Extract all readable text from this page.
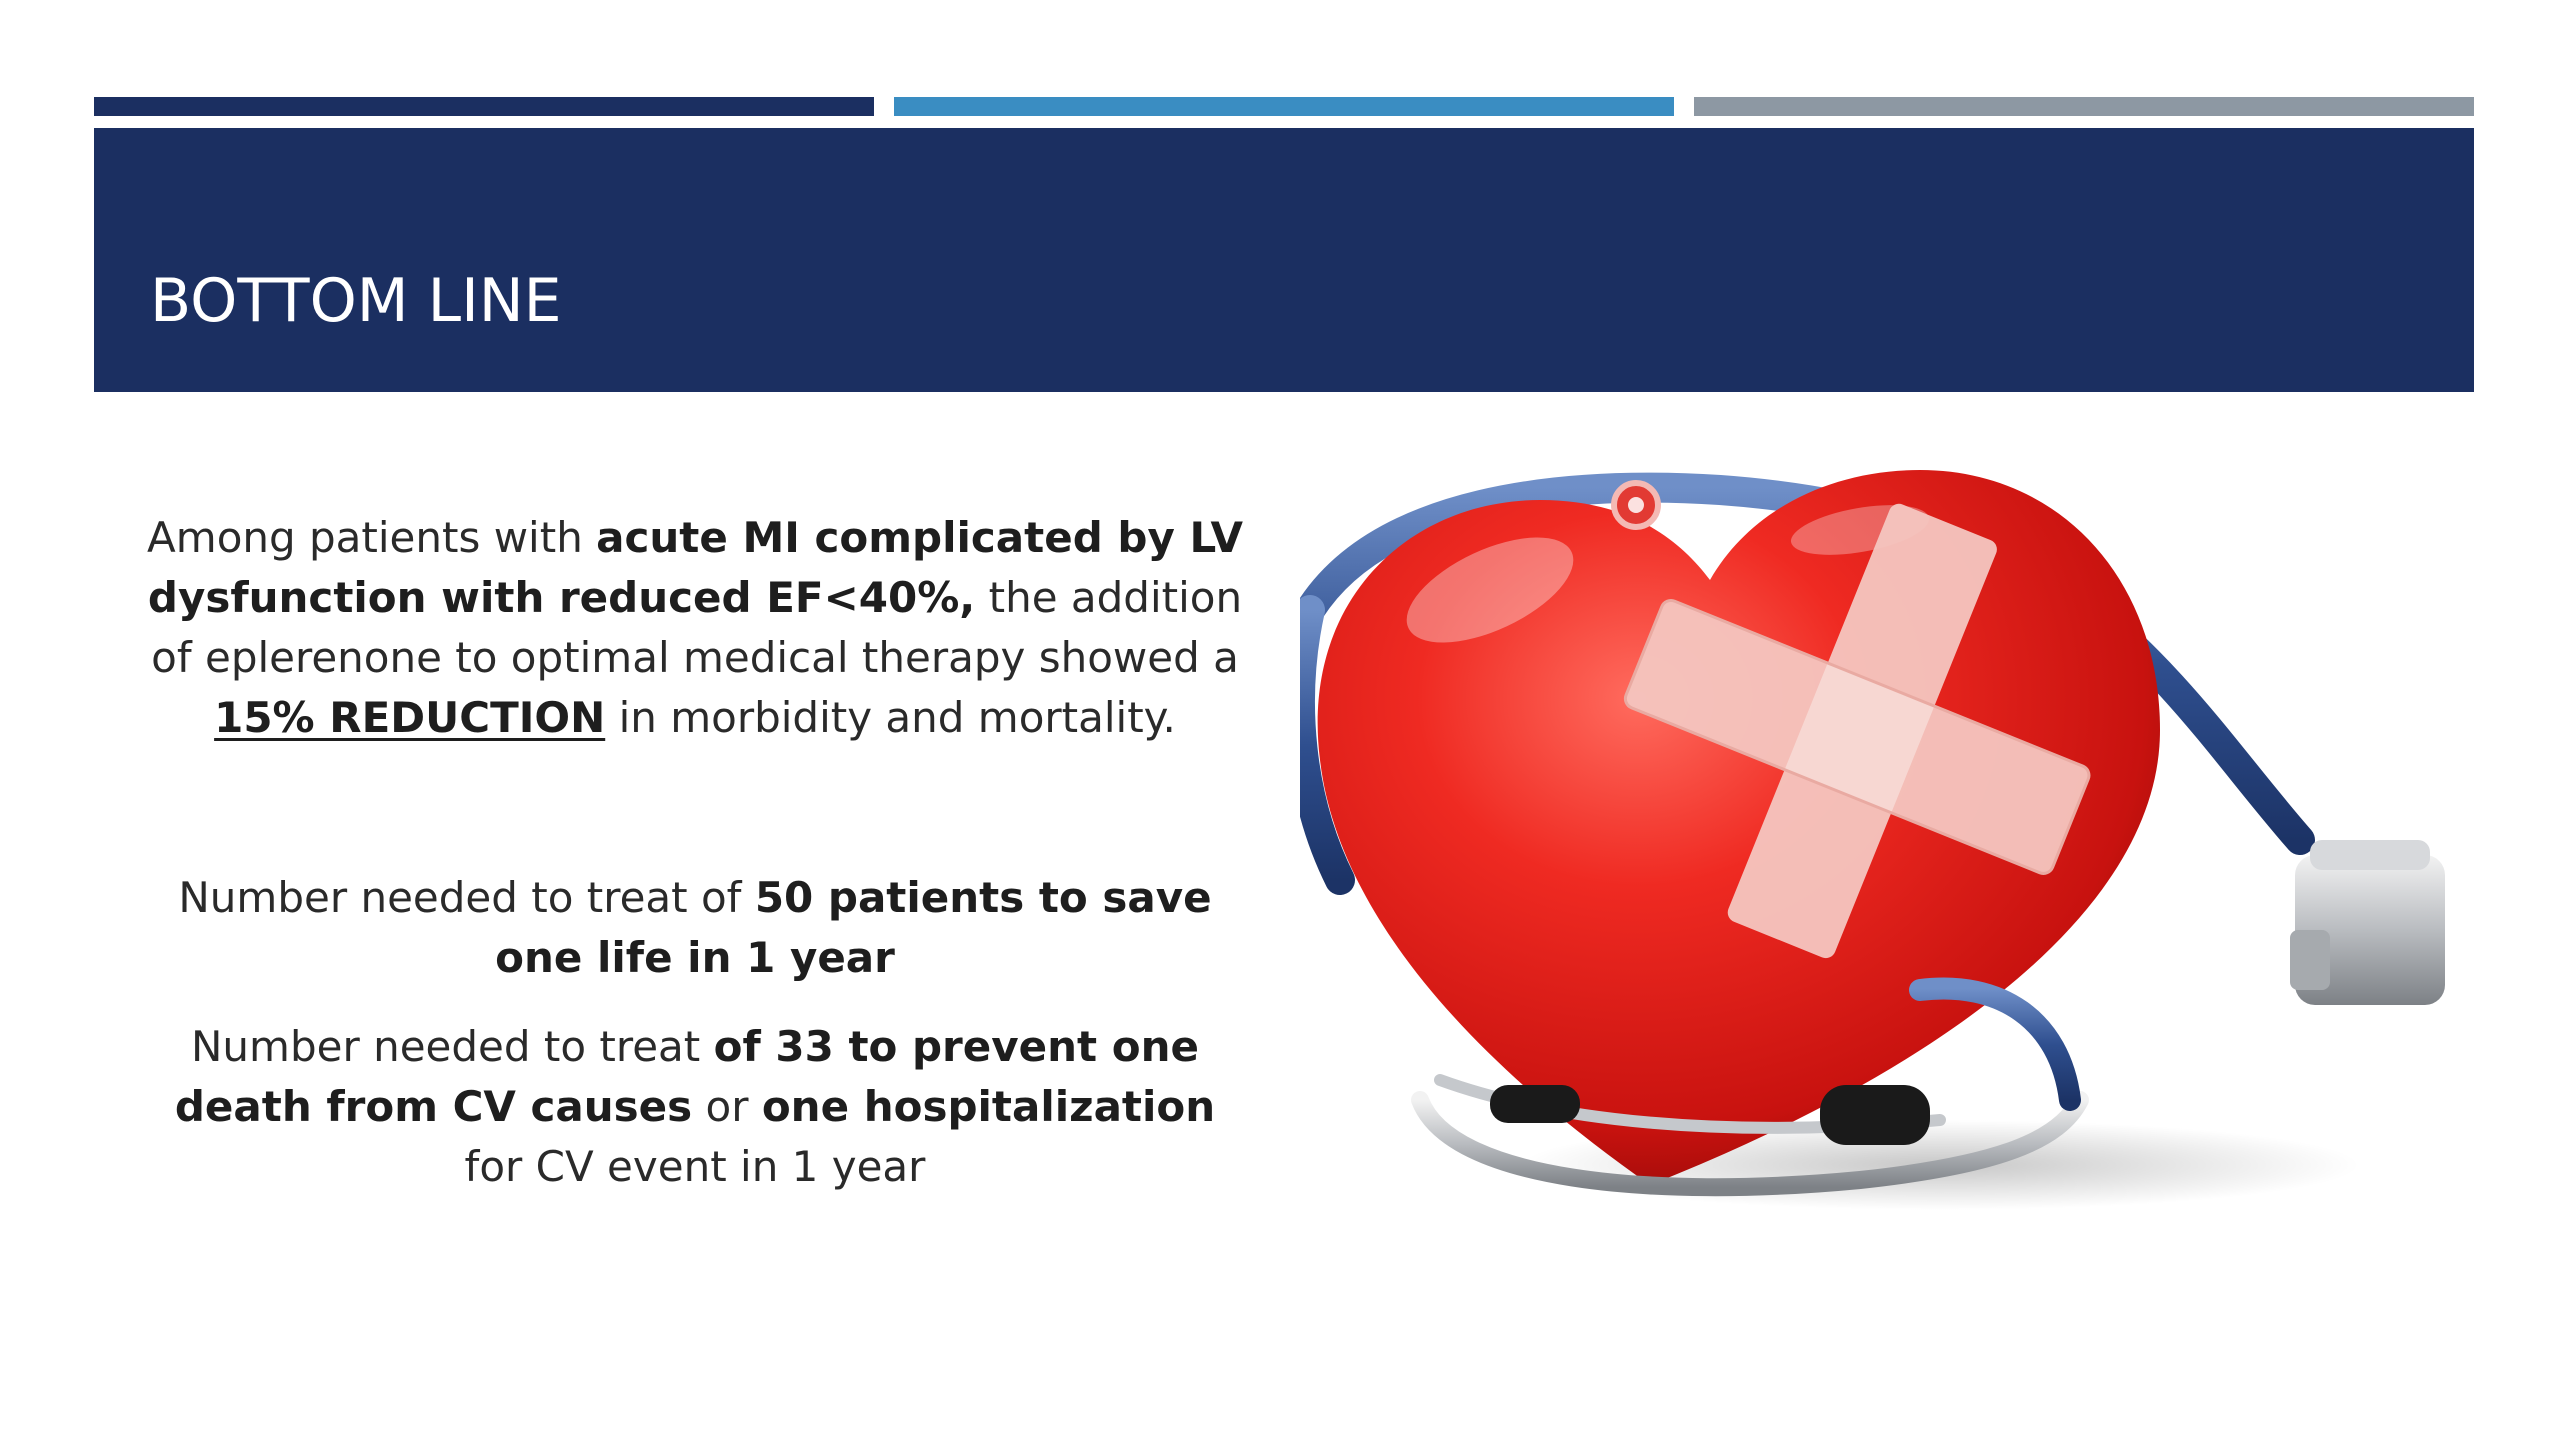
BOTTOM LINE
Among patients with acute MI complicated by LV dysfunction with reduced EF<40%, the addition of eplerenone to optimal medical therapy showed a 15% REDUCTION in morbidity and mortality.
Number needed to treat of 50 patients to save one life in 1 year
Number needed to treat of 33 to prevent one death from CV causes or one hospitalization for CV event in 1 year
